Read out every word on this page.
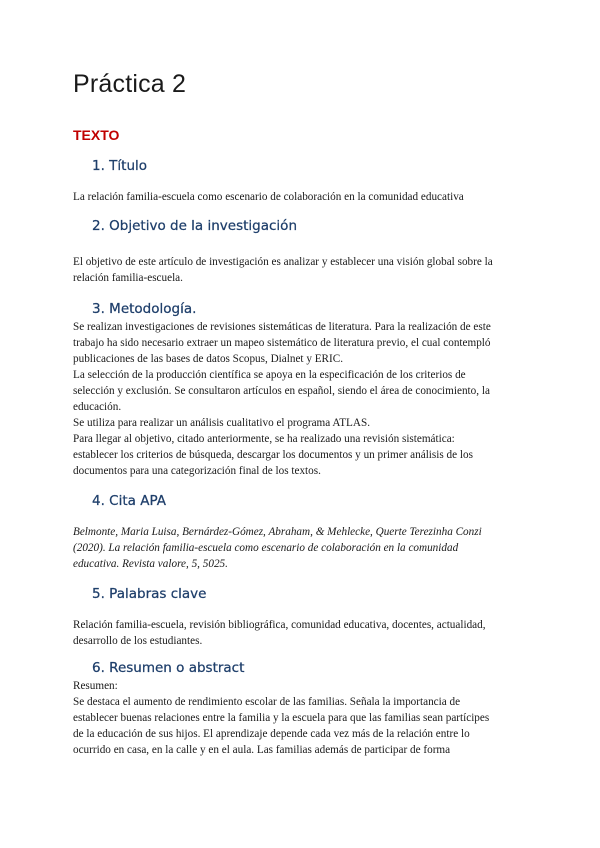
Práctica 2
TEXTO
1. Título
La relación familia-escuela como escenario de colaboración en la comunidad educativa
2. Objetivo de la investigación
El objetivo de este artículo de investigación es analizar y establecer una visión global sobre la
relación familia-escuela.
3. Metodología.
Se realizan investigaciones de revisiones sistemáticas de literatura. Para la realización de este
trabajo ha sido necesario extraer un mapeo sistemático de literatura previo, el cual contempló
publicaciones de las bases de datos Scopus, Dialnet y ERIC.
La selección de la producción científica se apoya en la especificación de los criterios de
selección y exclusión. Se consultaron artículos en español, siendo el área de conocimiento, la
educación.
Se utiliza para realizar un análisis cualitativo el programa ATLAS.
Para llegar al objetivo, citado anteriormente, se ha realizado una revisión sistemática:
establecer los criterios de búsqueda, descargar los documentos y un primer análisis de los
documentos para una categorización final de los textos.
4. Cita APA
Belmonte, Maria Luisa, Bernárdez-Gómez, Abraham, & Mehlecke, Querte Terezinha Conzi
(2020). La relación familia-escuela como escenario de colaboración en la comunidad
educativa. Revista valore, 5, 5025.
5. Palabras clave
Relación familia-escuela, revisión bibliográfica, comunidad educativa, docentes, actualidad,
desarrollo de los estudiantes.
6. Resumen o abstract
Resumen:
Se destaca el aumento de rendimiento escolar de las familias. Señala la importancia de
establecer buenas relaciones entre la familia y la escuela para que las familias sean partícipes
de la educación de sus hijos. El aprendizaje depende cada vez más de la relación entre lo
ocurrido en casa, en la calle y en el aula. Las familias además de participar de forma
